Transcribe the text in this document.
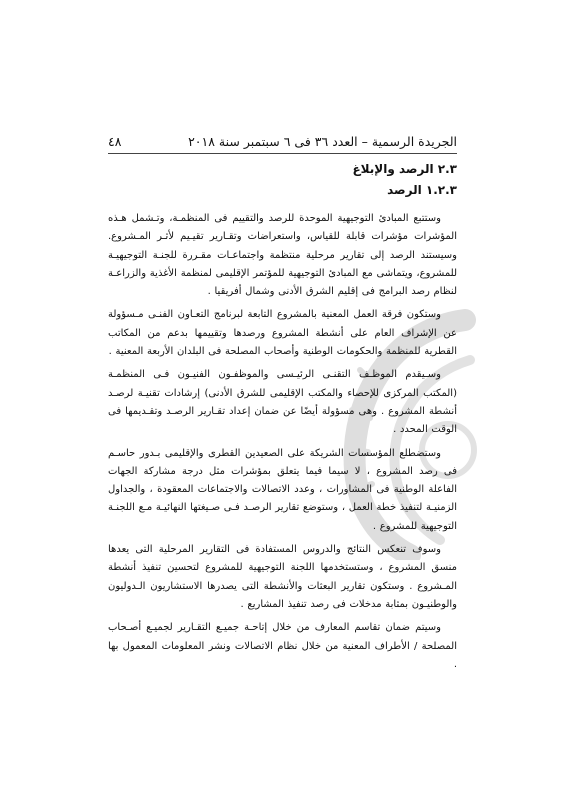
الجريدة الرسمية – العدد ٣٦ فى ٦ سبتمبر سنة ٢٠١٨
٤٨
٢.٣ الرصد والإبلاغ
١.٢.٣ الرصد

وستتبع المبادئ التوجيهية الموحدة للرصد والتقييم فى المنظمـة، وتـشمل هـذه المؤشرات مؤشرات قابلة للقياس، واستعراضات وتقـارير تقيـيم لأثـر المـشروع. وسيستند الرصد إلى تقارير مرحلية منتظمة واجتماعـات مقـررة للجنـة التوجيهيـة للمشروع، ويتماشى مع المبادئ التوجيهية للمؤتمر الإقليمى لمنظمة الأغذية والزراعـة لنظام رصد البرامج فى إقليم الشرق الأدنى وشمال أفريقيا .

وستكون فرقة العمل المعنية بالمشروع التابعة لبرنامج التعـاون الفنـى مـسؤولة عن الإشراف العام على أنشطة المشروع ورصدها وتقييمها بدعم من المكاتب القطرية للمنظمة والحكومات الوطنية وأصحاب المصلحة فى البلدان الأربعة المعنية .

وسـيقدم الموظـف التقنـى الرئيـسى والموظفـون الفنيـون فـى المنظمـة (المكتب المركزى للإحصاء والمكتب الإقليمى للشرق الأدنى) إرشادات تقنيـة لرصـد أنشطة المشروع . وهى مسؤولة أيضًا عن ضمان إعداد تقـارير الرصـد وتقـديمها فى الوقت المحدد .

وستضطلع المؤسسات الشريكة على الصعيدين القطرى والإقليمى بـدور حاسـم فى رصد المشروع ، لا سيما فيما يتعلق بمؤشرات مثل درجة مشاركة الجهات الفاعلة الوطنية فى المشاورات ، وعدد الاتصالات والاجتماعات المعقودة ، والجداول الزمنيـة لتنفيذ خطة العمل ، وستوضع تقارير الرصـد فـى صـيغتها النهائيـة مـع اللجنـة التوجيهية للمشروع .

وسوف تنعكس النتائج والدروس المستفادة فى التقارير المرحلية التى يعدها منسق المشروع ، وستستخدمها اللجنة التوجيهية للمشروع لتحسين تنفيذ أنشطة المـشروع . وستكون تقارير البعثات والأنشطة التى يصدرها الاستشاريون الـدوليون والوطنيـون بمثابة مدخلات فى رصد تنفيذ المشاريع .

وسيتم ضمان تقاسم المعارف من خلال إتاحـة جميـع التقـارير لجميـع أصـحاب المصلحة / الأطراف المعنية من خلال نظام الاتصالات ونشر المعلومات المعمول بها .
